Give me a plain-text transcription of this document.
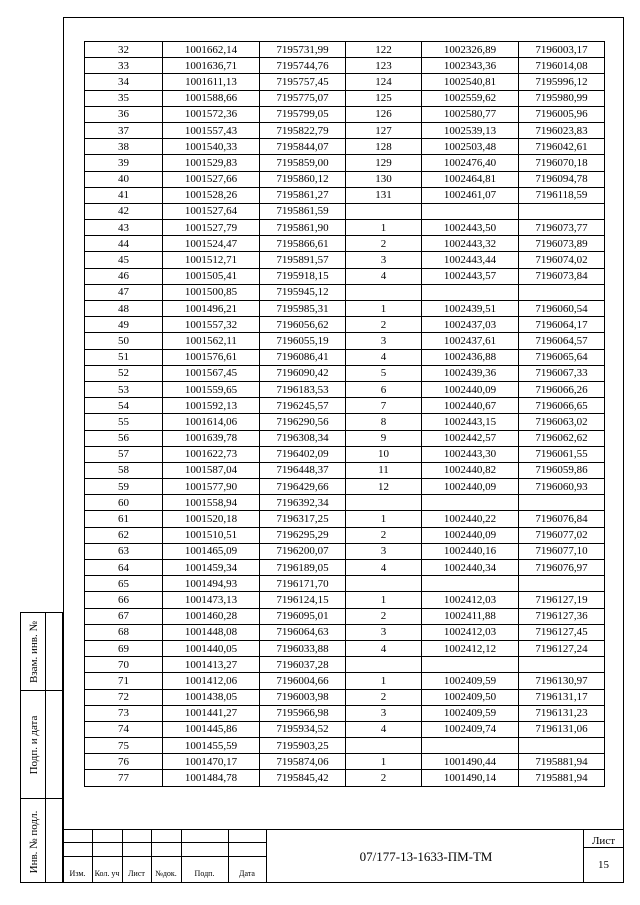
32	1001662,14	7195731,99	122	1002326,89	7196003,17
33	1001636,71	7195744,76	123	1002343,36	7196014,08
34	1001611,13	7195757,45	124	1002540,81	7195996,12
35	1001588,66	7195775,07	125	1002559,62	7195980,99
36	1001572,36	7195799,05	126	1002580,77	7196005,96
37	1001557,43	7195822,79	127	1002539,13	7196023,83
38	1001540,33	7195844,07	128	1002503,48	7196042,61
39	1001529,83	7195859,00	129	1002476,40	7196070,18
40	1001527,66	7195860,12	130	1002464,81	7196094,78
41	1001528,26	7195861,27	131	1002461,07	7196118,59
42	1001527,64	7195861,59			
43	1001527,79	7195861,90	1	1002443,50	7196073,77
44	1001524,47	7195866,61	2	1002443,32	7196073,89
45	1001512,71	7195891,57	3	1002443,44	7196074,02
46	1001505,41	7195918,15	4	1002443,57	7196073,84
47	1001500,85	7195945,12			
48	1001496,21	7195985,31	1	1002439,51	7196060,54
49	1001557,32	7196056,62	2	1002437,03	7196064,17
50	1001562,11	7196055,19	3	1002437,61	7196064,57
51	1001576,61	7196086,41	4	1002436,88	7196065,64
52	1001567,45	7196090,42	5	1002439,36	7196067,33
53	1001559,65	7196183,53	6	1002440,09	7196066,26
54	1001592,13	7196245,57	7	1002440,67	7196066,65
55	1001614,06	7196290,56	8	1002443,15	7196063,02
56	1001639,78	7196308,34	9	1002442,57	7196062,62
57	1001622,73	7196402,09	10	1002443,30	7196061,55
58	1001587,04	7196448,37	11	1002440,82	7196059,86
59	1001577,90	7196429,66	12	1002440,09	7196060,93
60	1001558,94	7196392,34			
61	1001520,18	7196317,25	1	1002440,22	7196076,84
62	1001510,51	7196295,29	2	1002440,09	7196077,02
63	1001465,09	7196200,07	3	1002440,16	7196077,10
64	1001459,34	7196189,05	4	1002440,34	7196076,97
65	1001494,93	7196171,70			
66	1001473,13	7196124,15	1	1002412,03	7196127,19
67	1001460,28	7196095,01	2	1002411,88	7196127,36
68	1001448,08	7196064,63	3	1002412,03	7196127,45
69	1001440,05	7196033,88	4	1002412,12	7196127,24
70	1001413,27	7196037,28			
71	1001412,06	7196004,66	1	1002409,59	7196130,97
72	1001438,05	7196003,98	2	1002409,50	7196131,17
73	1001441,27	7195966,98	3	1002409,59	7196131,23
74	1001445,86	7195934,52	4	1002409,74	7196131,06
75	1001455,59	7195903,25			
76	1001470,17	7195874,06	1	1001490,44	7195881,94
77	1001484,78	7195845,42	2	1001490,14	7195881,94
Взам. инв. №
Подп. и дата
Инв. № подл.
Изм.	Кол. уч	Лист	№док.	Подп.	Дата
07/177-13-1633-ПМ-ТМ
Лист
15
